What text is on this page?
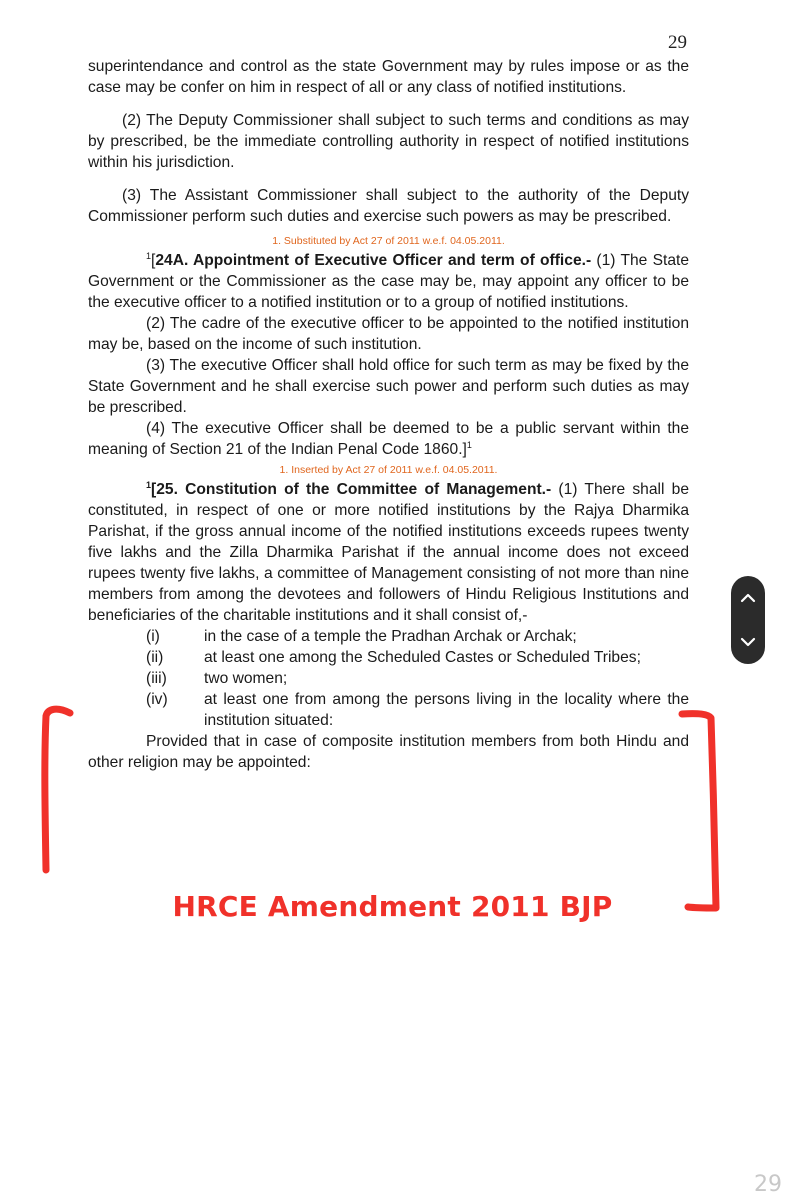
29

superintendance and control as the state Government may by rules impose or as the case may be confer on him in respect of all or any class of notified institutions.

(2) The Deputy Commissioner shall subject to such terms and conditions as may by prescribed, be the immediate controlling authority in respect of notified institutions within his jurisdiction.

(3) The Assistant Commissioner shall subject to the authority of the Deputy Commissioner perform such duties and exercise such powers as may be prescribed.

1. Substituted by Act 27 of 2011 w.e.f. 04.05.2011.

$^1$[24A. Appointment of Executive Officer and term of office.- (1) The State Government or the Commissioner as the case may be, may appoint any officer to be the executive officer to a notified institution or to a group of notified institutions.

(2) The cadre of the executive officer to be appointed to the notified institution may be, based on the income of such institution.

(3) The executive Officer shall hold office for such term as may be fixed by the State Government and he shall exercise such power and perform such duties as may be prescribed.

(4) The executive Officer shall be deemed to be a public servant within the meaning of Section 21 of the Indian Penal Code 1860.]$^1$

1. Inserted by Act 27 of 2011 w.e.f. 04.05.2011.

$^1$[25. Constitution of the Committee of Management.- (1) There shall be constituted, in respect of one or more notified institutions by the Rajya Dharmika Parishat, if the gross annual income of the notified institutions exceeds rupees twenty five lakhs and the Zilla Dharmika Parishat if the annual income does not exceed rupees twenty five lakhs, a committee of Management consisting of not more than nine members from among the devotees and followers of Hindu Religious Institutions and beneficiaries of the charitable institutions and it shall consist of,-

(i)	in the case of a temple the Pradhan Archak or Archak;
(ii)	at least one among the Scheduled Castes or Scheduled Tribes;
(iii)	two women;
(iv)	at least one from among the persons living in the locality where the institution situated:

Provided that in case of composite institution members from both Hindu and other religion may be appointed:

HRCE Amendment 2011 BJP
29
